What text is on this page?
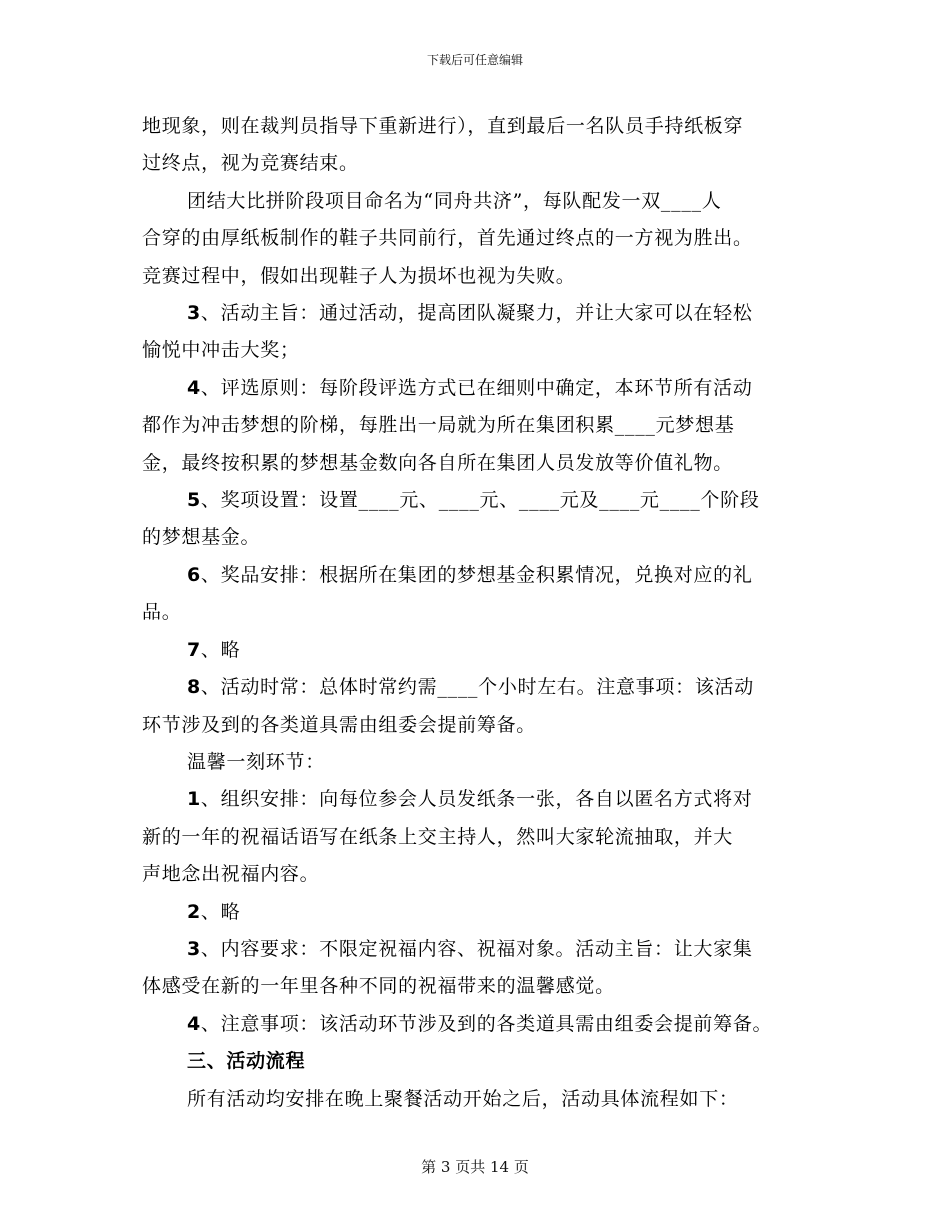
下载后可任意编辑

地现象，则在裁判员指导下重新进行），直到最后一名队员手持纸板穿

过终点，视为竞赛结束。

团结大比拼阶段项目命名为“同舟共济”，每队配发一双____人

合穿的由厚纸板制作的鞋子共同前行，首先通过终点的一方视为胜出。

竞赛过程中，假如出现鞋子人为损坏也视为失败。

3、活动主旨：通过活动，提高团队凝聚力，并让大家可以在轻松

愉悦中冲击大奖；

4、评选原则：每阶段评选方式已在细则中确定，本环节所有活动

都作为冲击梦想的阶梯，每胜出一局就为所在集团积累____元梦想基

金，最终按积累的梦想基金数向各自所在集团人员发放等价值礼物。

5、奖项设置：设置____元、____元、____元及____元____个阶段

的梦想基金。

6、奖品安排：根据所在集团的梦想基金积累情况，兑换对应的礼

品。

7、略

8、活动时常：总体时常约需____个小时左右。注意事项：该活动

环节涉及到的各类道具需由组委会提前筹备。

温馨一刻环节：

1、组织安排：向每位参会人员发纸条一张，各自以匿名方式将对

新的一年的祝福话语写在纸条上交主持人，然叫大家轮流抽取，并大

声地念出祝福内容。

2、略

3、内容要求：不限定祝福内容、祝福对象。活动主旨：让大家集

体感受在新的一年里各种不同的祝福带来的温馨感觉。

4、注意事项：该活动环节涉及到的各类道具需由组委会提前筹备。

三、活动流程

所有活动均安排在晚上聚餐活动开始之后，活动具体流程如下：

第 3 页共 14 页
